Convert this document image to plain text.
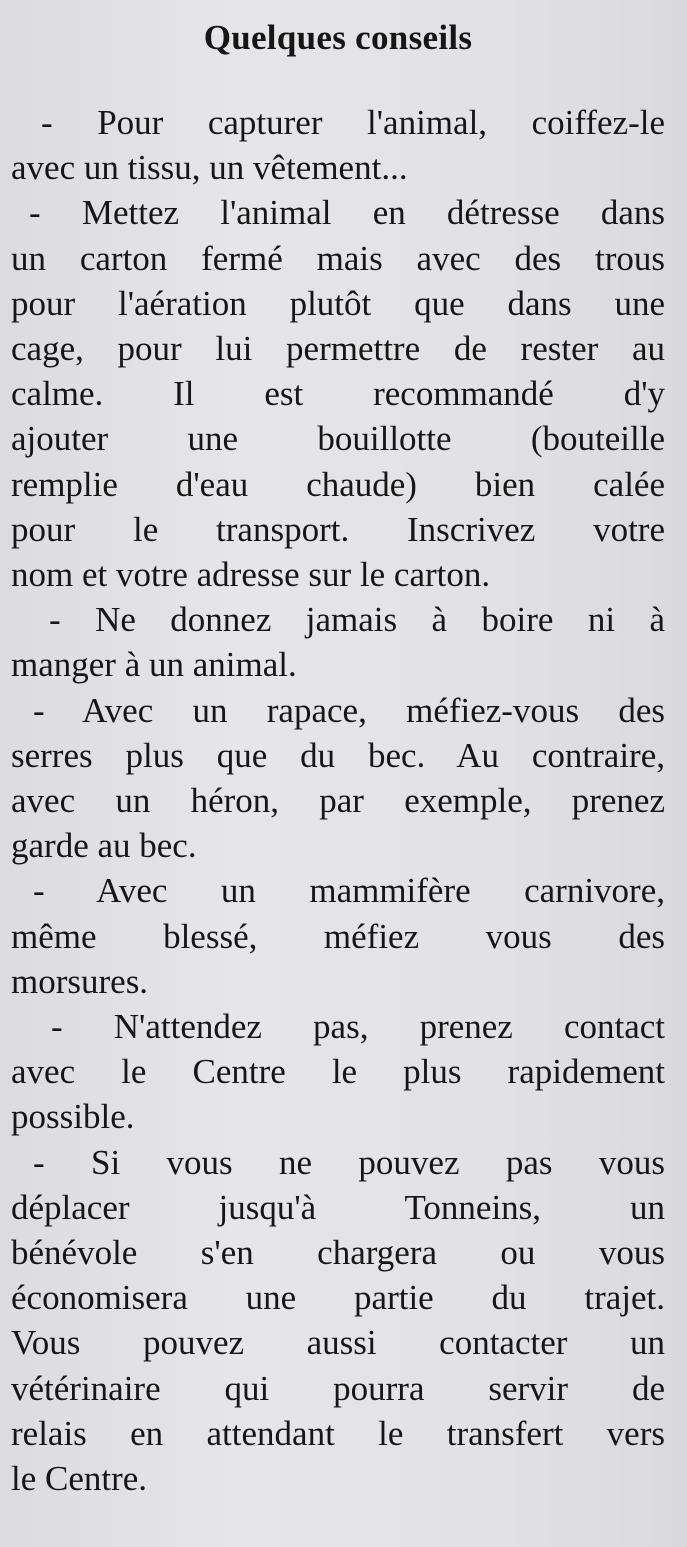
Quelques conseils
- Pour capturer l'animal, coiffez-le
avec un tissu, un vêtement...
- Mettez l'animal en détresse dans
un carton fermé mais avec des trous
pour l'aération plutôt que dans une
cage, pour lui permettre de rester au
calme. Il est recommandé d'y
ajouter une bouillotte (bouteille
remplie d'eau chaude) bien calée
pour le transport. Inscrivez votre
nom et votre adresse sur le carton.
- Ne donnez jamais à boire ni à
manger à un animal.
- Avec un rapace, méfiez-vous des
serres plus que du bec. Au contraire,
avec un héron, par exemple, prenez
garde au bec.
- Avec un mammifère carnivore,
même blessé, méfiez vous des
morsures.
- N'attendez pas, prenez contact
avec le Centre le plus rapidement
possible.
- Si vous ne pouvez pas vous
déplacer jusqu'à Tonneins, un
bénévole s'en chargera ou vous
économisera une partie du trajet.
Vous pouvez aussi contacter un
vétérinaire qui pourra servir de
relais en attendant le transfert vers
le Centre.
